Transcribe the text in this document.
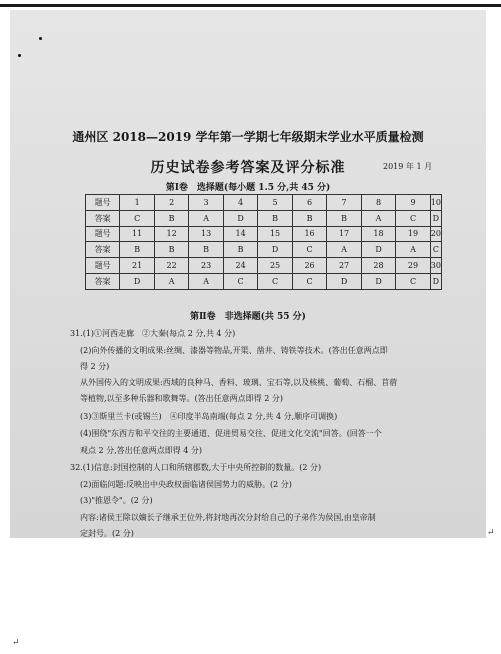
通州区 2018—2019 学年第一学期七年级期末学业水平质量检测
历史试卷参考答案及评分标准	2019 年 1 月
第Ⅰ卷　选择题(每小题 1.5 分,共 45 分)
题号	1	2	3	4	5	6	7	8	9	10
答案	C	B	A	D	B	B	B	A	C	D
题号	11	12	13	14	15	16	17	18	19	20
答案	B	B	B	B	D	C	A	D	A	C
题号	21	22	23	24	25	26	27	28	29	30
答案	D	A	A	C	C	C	D	D	C	D
第Ⅱ卷　非选择题(共 55 分)
31.(1)①河西走廊　②大秦(每点 2 分,共 4 分)
(2)向外传播的文明成果:丝绸、漆器等物品,开渠、凿井、铸铁等技术。(答出任意两点即
得 2 分)
从外国传入的文明成果:西域的良种马、香料、玻璃、宝石等,以及核桃、葡萄、石榴、苜蓿
等植物,以至多种乐器和歌舞等。(答出任意两点即得 2 分)
(3)③斯里兰卡(或锡兰)　④印度半岛南端(每点 2 分,共 4 分,顺序可调换)
(4)围绕"东西方和平交往的主要通道、促进贸易交往、促进文化交流"回答。(回答一个
观点 2 分,答出任意两点即得 4 分)
32.(1)信息:封国控制的人口和所辖郡数,大于中央所控制的数量。(2 分)
(2)面临问题:反映出中央政权面临诸侯国势力的威胁。(2 分)
(3)"推恩令"。(2 分)
内容:诸侯王除以嫡长子继承王位外,将封地再次分封给自己的子弟作为侯国,由皇帝制
定封号。(2 分)	↵
↵
